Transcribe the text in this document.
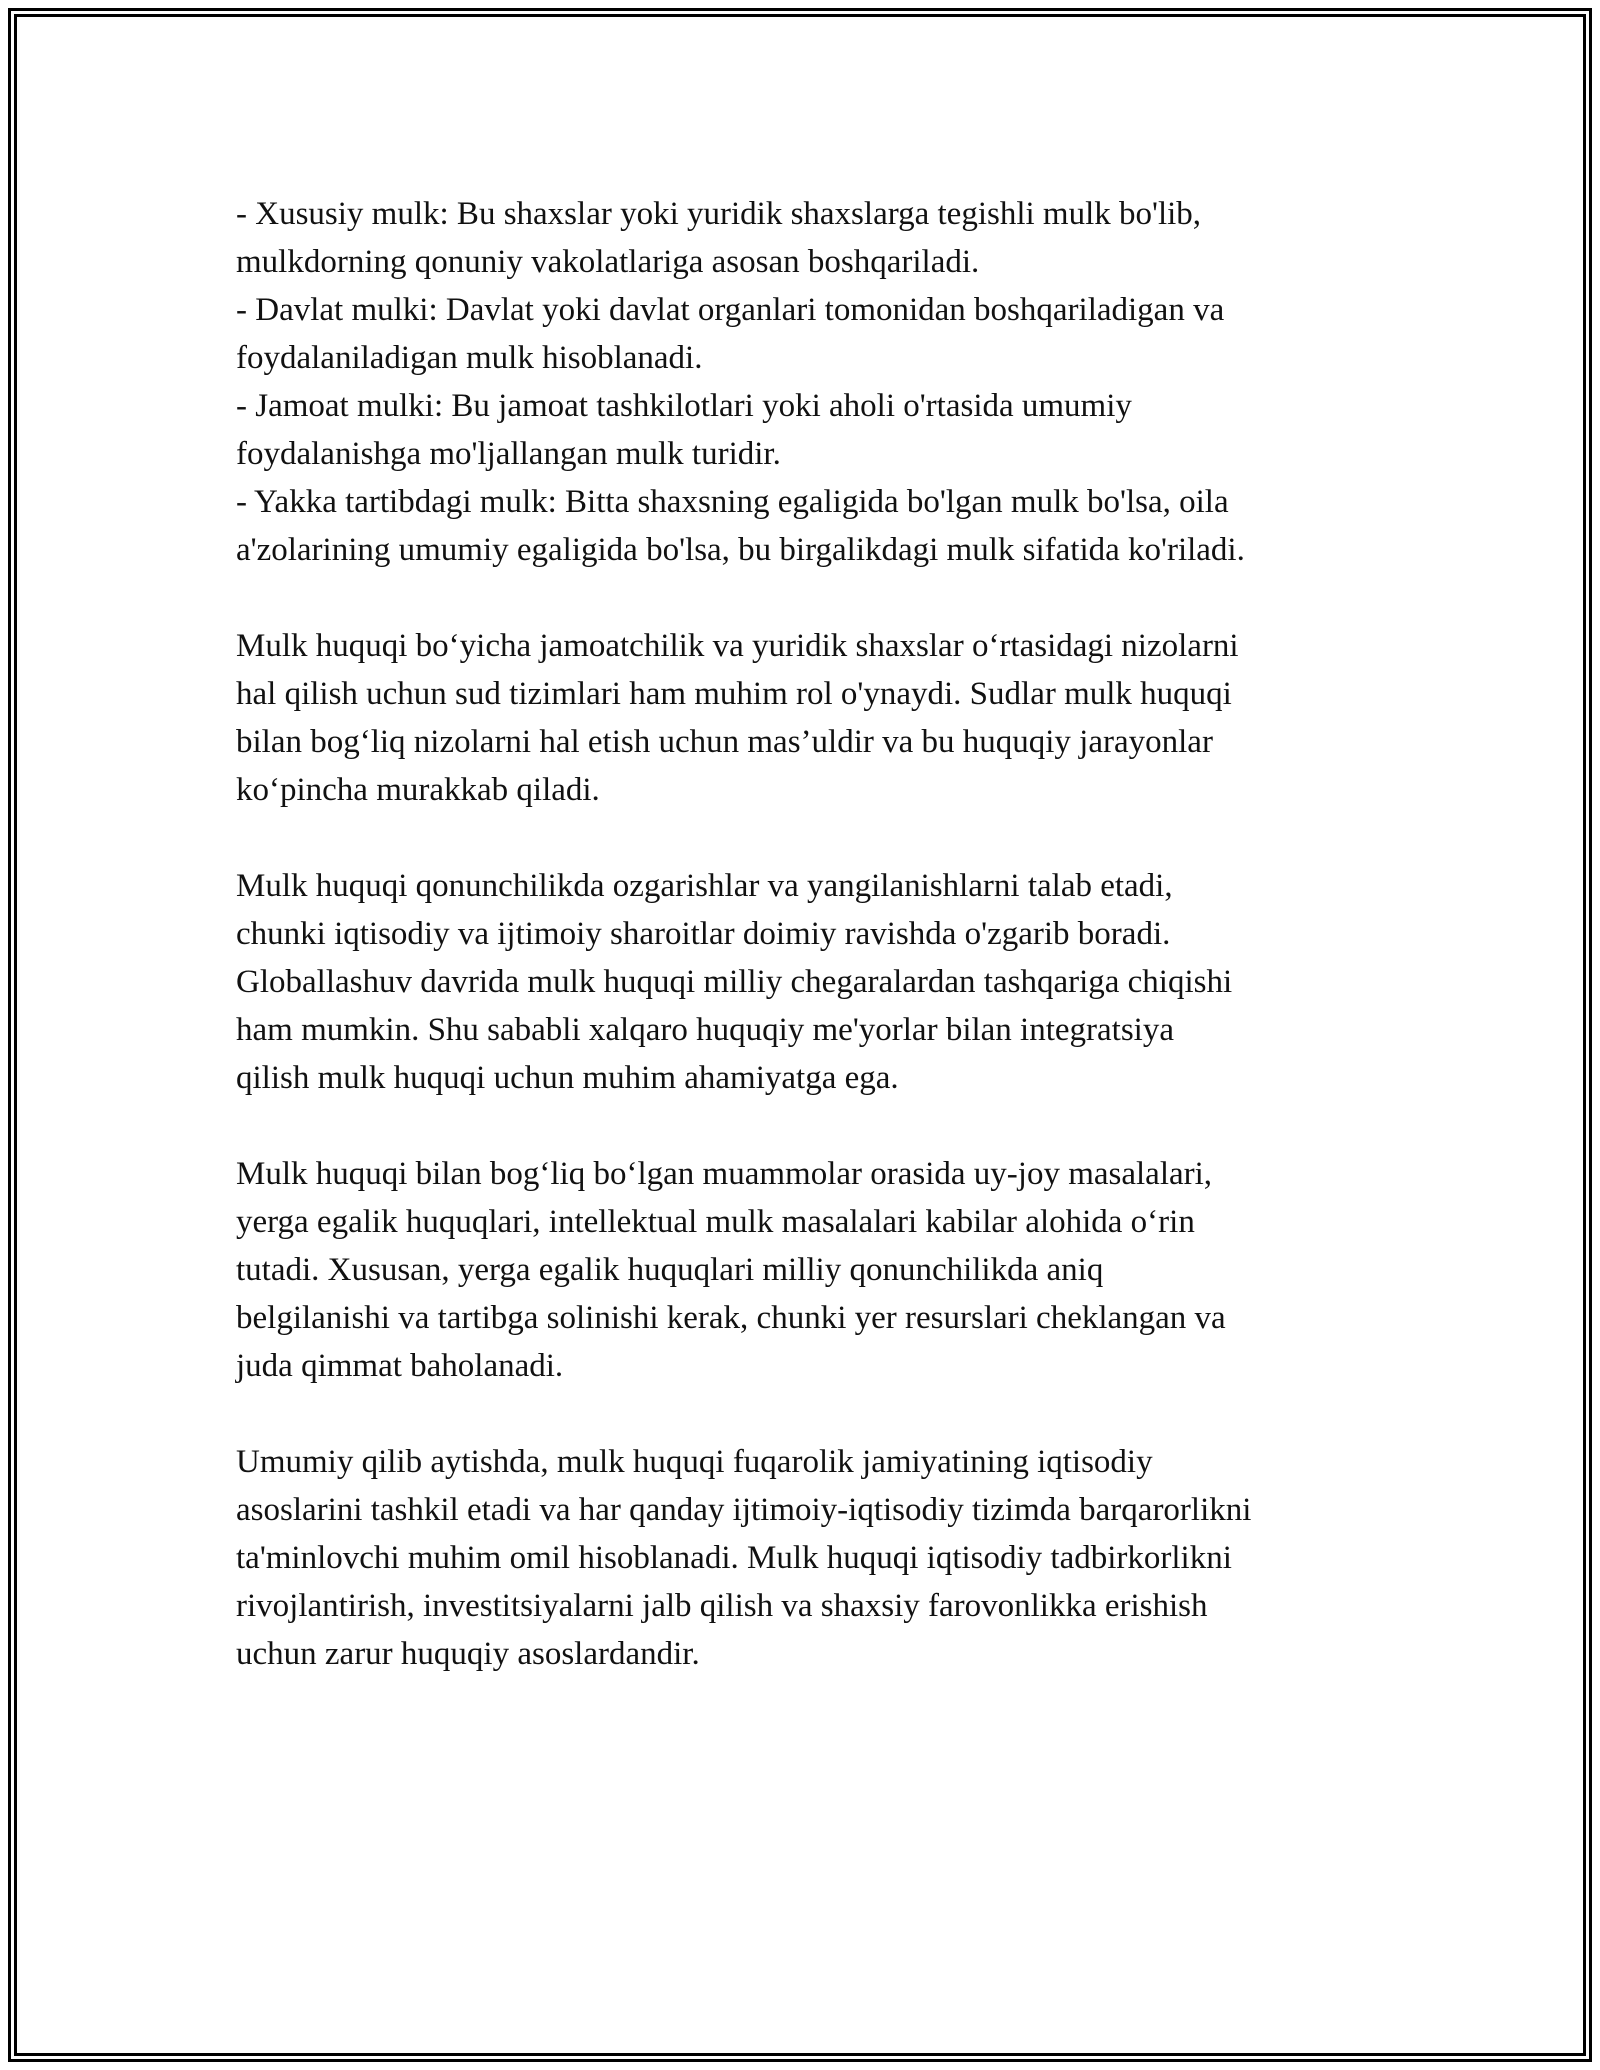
- Xususiy mulk: Bu shaxslar yoki yuridik shaxslarga tegishli mulk bo'lib,
mulkdorning qonuniy vakolatlariga asosan boshqariladi.
- Davlat mulki: Davlat yoki davlat organlari tomonidan boshqariladigan va
foydalaniladigan mulk hisoblanadi.
- Jamoat mulki: Bu jamoat tashkilotlari yoki aholi o'rtasida umumiy
foydalanishga mo'ljallangan mulk turidir.
- Yakka tartibdagi mulk: Bitta shaxsning egaligida bo'lgan mulk bo'lsa, oila
a'zolarining umumiy egaligida bo'lsa, bu birgalikdagi mulk sifatida ko'riladi.
Mulk huquqi bo‘yicha jamoatchilik va yuridik shaxslar o‘rtasidagi nizolarni
hal qilish uchun sud tizimlari ham muhim rol o'ynaydi. Sudlar mulk huquqi
bilan bog‘liq nizolarni hal etish uchun mas’uldir va bu huquqiy jarayonlar
ko‘pincha murakkab qiladi.
Mulk huquqi qonunchilikda ozgarishlar va yangilanishlarni talab etadi,
chunki iqtisodiy va ijtimoiy sharoitlar doimiy ravishda o'zgarib boradi.
Globallashuv davrida mulk huquqi milliy chegaralardan tashqariga chiqishi
ham mumkin. Shu sababli xalqaro huquqiy me'yorlar bilan integratsiya
qilish mulk huquqi uchun muhim ahamiyatga ega.
Mulk huquqi bilan bog‘liq bo‘lgan muammolar orasida uy-joy masalalari,
yerga egalik huquqlari, intellektual mulk masalalari kabilar alohida o‘rin
tutadi. Xususan, yerga egalik huquqlari milliy qonunchilikda aniq
belgilanishi va tartibga solinishi kerak, chunki yer resurslari cheklangan va
juda qimmat baholanadi.
Umumiy qilib aytishda, mulk huquqi fuqarolik jamiyatining iqtisodiy
asoslarini tashkil etadi va har qanday ijtimoiy-iqtisodiy tizimda barqarorlikni
ta'minlovchi muhim omil hisoblanadi. Mulk huquqi iqtisodiy tadbirkorlikni
rivojlantirish, investitsiyalarni jalb qilish va shaxsiy farovonlikka erishish
uchun zarur huquqiy asoslardandir.
